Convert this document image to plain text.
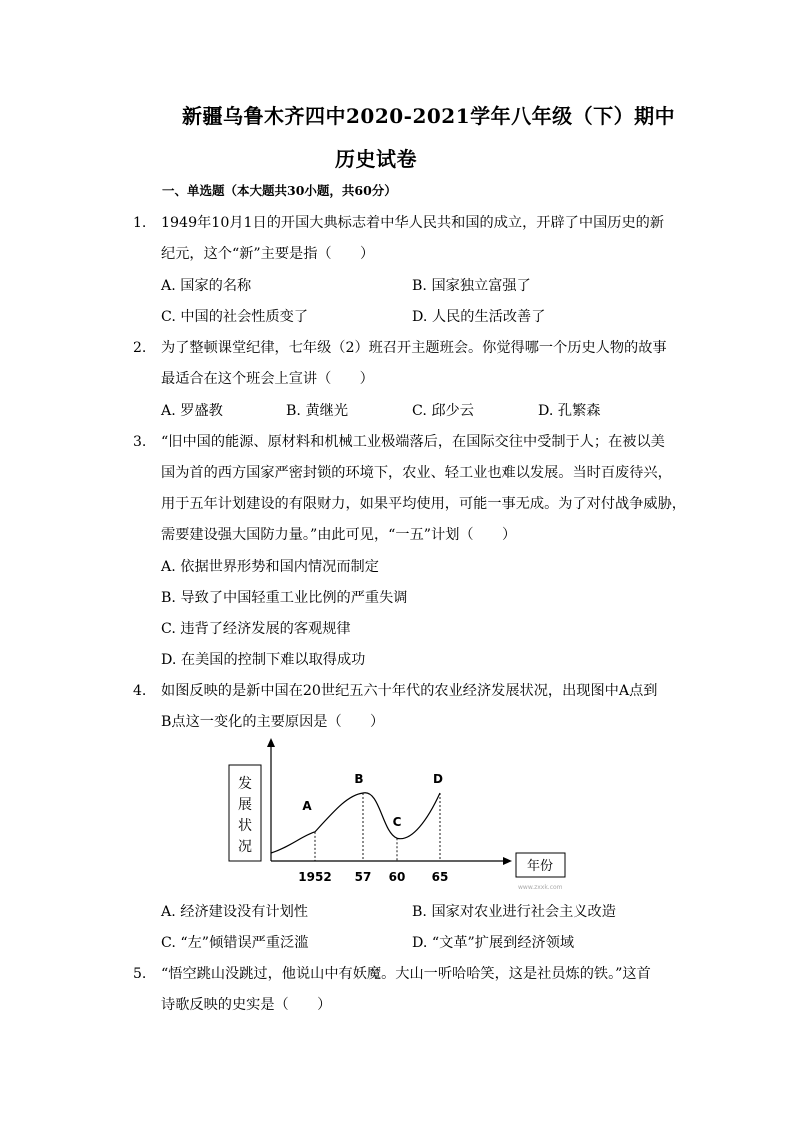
新疆乌鲁木齐四中2020-2021学年八年级（下）期中
历史试卷
一、单选题（本大题共30小题，共60分）
1. 1949年10月1日的开国大典标志着中华人民共和国的成立，开辟了中国历史的新
纪元，这个“新”主要是指（　　）
A. 国家的名称	B. 国家独立富强了
C. 中国的社会性质变了	D. 人民的生活改善了
2. 为了整顿课堂纪律，七年级（2）班召开主题班会。你觉得哪一个历史人物的故事
最适合在这个班会上宣讲（　　）
A. 罗盛教	B. 黄继光	C. 邱少云	D. 孔繁森
3. “旧中国的能源、原材料和机械工业极端落后，在国际交往中受制于人；在被以美
国为首的西方国家严密封锁的环境下，农业、轻工业也难以发展。当时百废待兴，
用于五年计划建设的有限财力，如果平均使用，可能一事无成。为了对付战争威胁，
需要建设强大国防力量。”由此可见，“一五”计划（　　）
A. 依据世界形势和国内情况而制定
B. 导致了中国轻重工业比例的严重失调
C. 违背了经济发展的客观规律
D. 在美国的控制下难以取得成功
4. 如图反映的是新中国在20世纪五六十年代的农业经济发展状况，出现图中A点到
B点这一变化的主要原因是（　　）
发
展
状
况
年份
A
1952
B
57
C
60
D
65
www.zxxk.com
A. 经济建设没有计划性	B. 国家对农业进行社会主义改造
C. “左”倾错误严重泛滥	D. “文革”扩展到经济领域
5. “悟空跳山没跳过，他说山中有妖魔。大山一听哈哈笑，这是社员炼的铁。”这首
诗歌反映的史实是（　　）
